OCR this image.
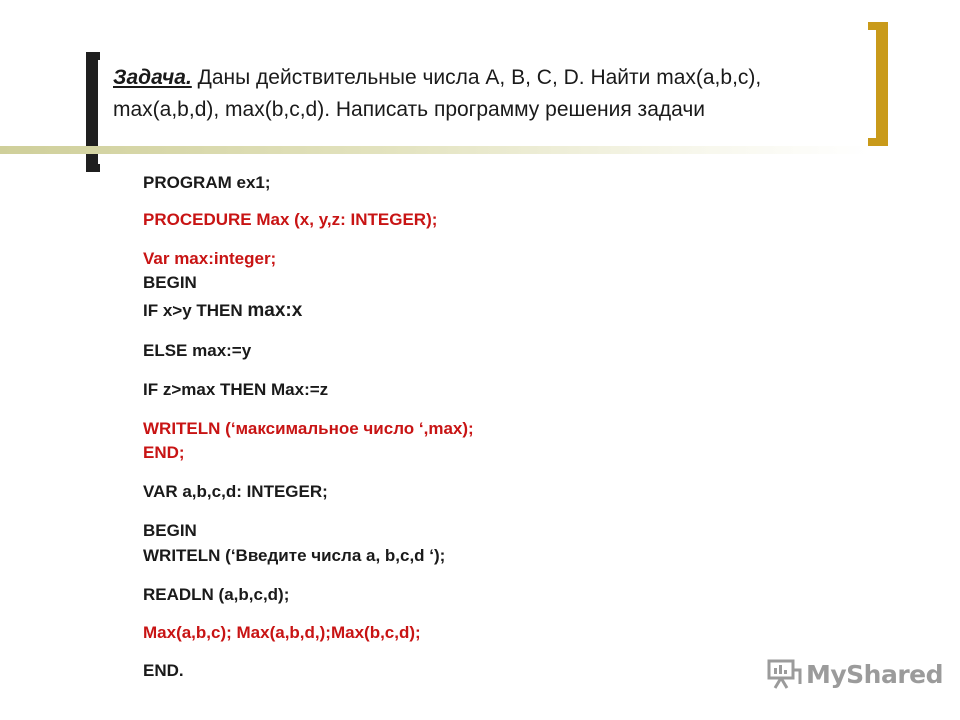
Задача. Даны действительные числа A, B, C, D. Найти max(a,b,c), max(a,b,d), max(b,c,d). Написать программу решения задачи
PROGRAM ex1;
PROCEDURE Max (x, y,z: INTEGER);
Var max:integer;
BEGIN
IF x>y THEN max:x
ELSE max:=y
IF z>max THEN Max:=z
WRITELN (‘максимальное число ‘,max);
END;
VAR a,b,c,d: INTEGER;
BEGIN
WRITELN (‘Введите числа a, b,c,d ‘);
READLN (a,b,c,d);
Max(a,b,c); Max(a,b,d,);Max(b,c,d);
END.	MyShared
